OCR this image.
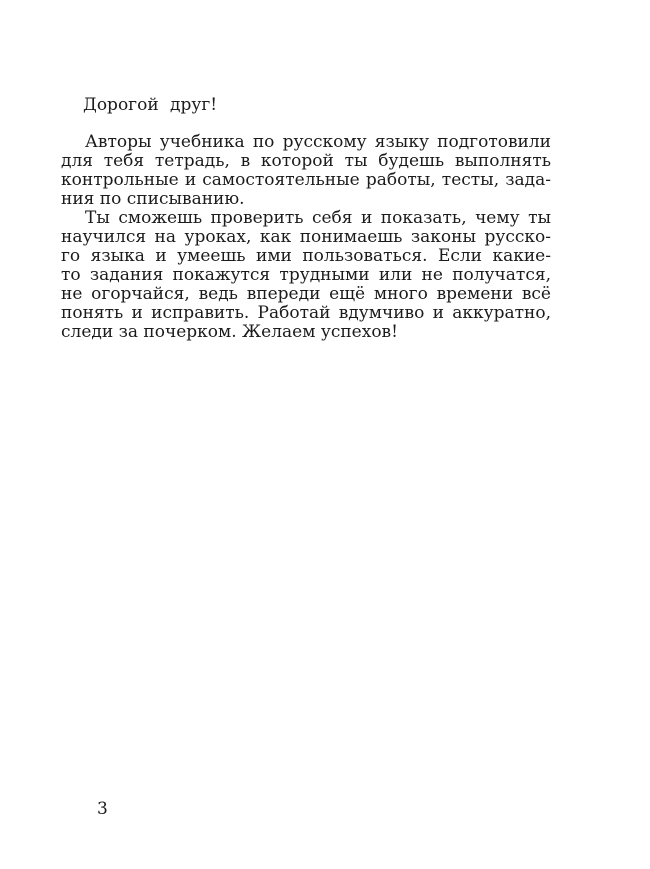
Дорогой друг!
Авторы учебника по русскому языку подготовили
для тебя тетрадь, в которой ты будешь выполнять
контрольные и самостоятельные работы, тесты, зада-
ния по списыванию.
Ты сможешь проверить себя и показать, чему ты
научился на уроках, как понимаешь законы русско-
го языка и умеешь ими пользоваться. Если какие-
то задания покажутся трудными или не получатся,
не огорчайся, ведь впереди ещё много времени всё
понять и исправить. Работай вдумчиво и аккуратно,
следи за почерком. Желаем успехов!
3
